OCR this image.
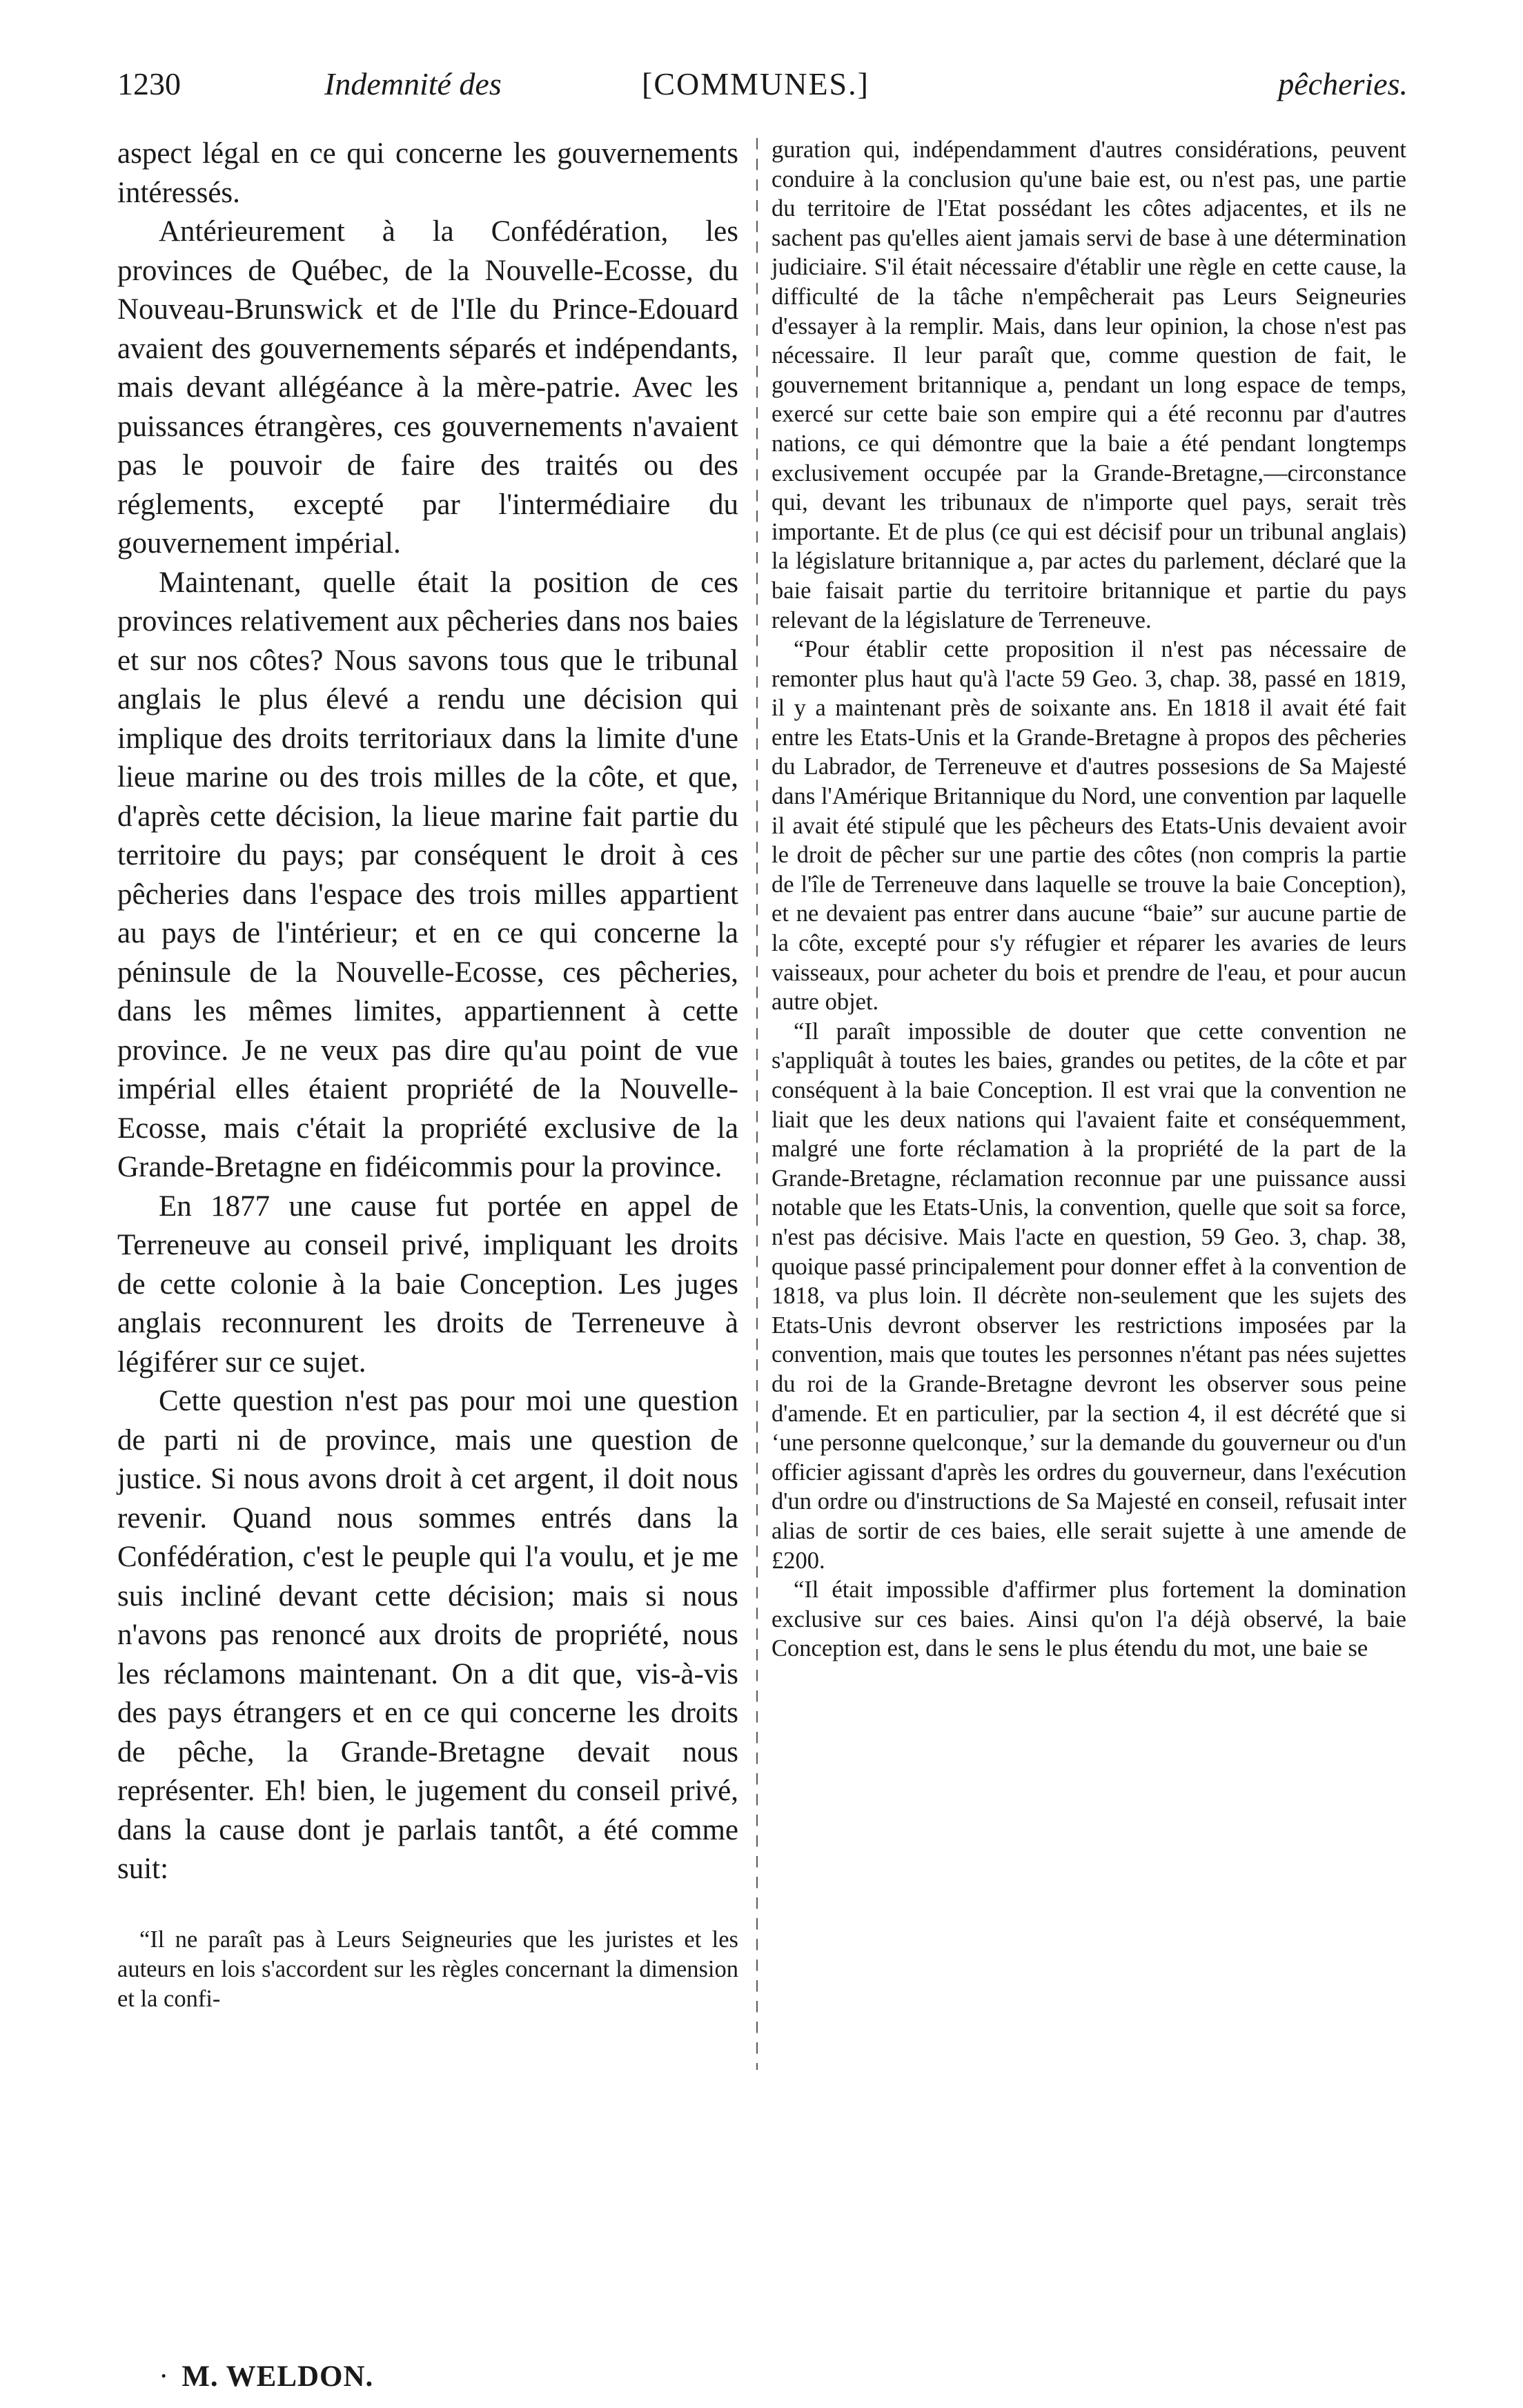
1230	Indemnité des	[COMMUNES.]	pêcheries.

aspect légal en ce qui concerne les gouvernements intéressés.

Antérieurement à la Confédération, les provinces de Québec, de la Nouvelle-Ecosse, du Nouveau-Brunswick et de l'Ile du Prince-Edouard avaient des gouvernements séparés et indépendants, mais devant allégéance à la mère-patrie. Avec les puissances étrangères, ces gouvernements n'avaient pas le pouvoir de faire des traités ou des réglements, excepté par l'intermédiaire du gouvernement impérial.

Maintenant, quelle était la position de ces provinces relativement aux pêcheries dans nos baies et sur nos côtes? Nous savons tous que le tribunal anglais le plus élevé a rendu une décision qui implique des droits territoriaux dans la limite d'une lieue marine ou des trois milles de la côte, et que, d'après cette décision, la lieue marine fait partie du territoire du pays; par conséquent le droit à ces pêcheries dans l'espace des trois milles appartient au pays de l'intérieur; et en ce qui concerne la péninsule de la Nouvelle-Ecosse, ces pêcheries, dans les mêmes limites, appartiennent à cette province. Je ne veux pas dire qu'au point de vue impérial elles étaient propriété de la Nouvelle-Ecosse, mais c'était la propriété exclusive de la Grande-Bretagne en fidéicommis pour la province.

En 1877 une cause fut portée en appel de Terreneuve au conseil privé, impliquant les droits de cette colonie à la baie Conception. Les juges anglais reconnurent les droits de Terreneuve à légiférer sur ce sujet.

Cette question n'est pas pour moi une question de parti ni de province, mais une question de justice. Si nous avons droit à cet argent, il doit nous revenir. Quand nous sommes entrés dans la Confédération, c'est le peuple qui l'a voulu, et je me suis incliné devant cette décision; mais si nous n'avons pas renoncé aux droits de propriété, nous les réclamons maintenant. On a dit que, vis-à-vis des pays étrangers et en ce qui concerne les droits de pêche, la Grande-Bretagne devait nous représenter. Eh! bien, le jugement du conseil privé, dans la cause dont je parlais tantôt, a été comme suit:

“Il ne paraît pas à Leurs Seigneuries que les juristes et les auteurs en lois s'accordent sur les règles concernant la dimension et la confi-

guration qui, indépendamment d'autres considérations, peuvent conduire à la conclusion qu'une baie est, ou n'est pas, une partie du territoire de l'Etat possédant les côtes adjacentes, et ils ne sachent pas qu'elles aient jamais servi de base à une détermination judiciaire. S'il était nécessaire d'établir une règle en cette cause, la difficulté de la tâche n'empêcherait pas Leurs Seigneuries d'essayer à la remplir. Mais, dans leur opinion, la chose n'est pas nécessaire. Il leur paraît que, comme question de fait, le gouvernement britannique a, pendant un long espace de temps, exercé sur cette baie son empire qui a été reconnu par d'autres nations, ce qui démontre que la baie a été pendant longtemps exclusivement occupée par la Grande-Bretagne,—circonstance qui, devant les tribunaux de n'importe quel pays, serait très importante. Et de plus (ce qui est décisif pour un tribunal anglais) la législature britannique a, par actes du parlement, déclaré que la baie faisait partie du territoire britannique et partie du pays relevant de la législature de Terreneuve.

“Pour établir cette proposition il n'est pas nécessaire de remonter plus haut qu'à l'acte 59 Geo. 3, chap. 38, passé en 1819, il y a maintenant près de soixante ans. En 1818 il avait été fait entre les Etats-Unis et la Grande-Bretagne à propos des pêcheries du Labrador, de Terreneuve et d'autres possesions de Sa Majesté dans l'Amérique Britannique du Nord, une convention par laquelle il avait été stipulé que les pêcheurs des Etats-Unis devaient avoir le droit de pêcher sur une partie des côtes (non compris la partie de l'île de Terreneuve dans laquelle se trouve la baie Conception), et ne devaient pas entrer dans aucune “baie” sur aucune partie de la côte, excepté pour s'y réfugier et réparer les avaries de leurs vaisseaux, pour acheter du bois et prendre de l'eau, et pour aucun autre objet.

“Il paraît impossible de douter que cette convention ne s'appliquât à toutes les baies, grandes ou petites, de la côte et par conséquent à la baie Conception. Il est vrai que la convention ne liait que les deux nations qui l'avaient faite et conséquemment, malgré une forte réclamation à la propriété de la part de la Grande-Bretagne, réclamation reconnue par une puissance aussi notable que les Etats-Unis, la convention, quelle que soit sa force, n'est pas décisive. Mais l'acte en question, 59 Geo. 3, chap. 38, quoique passé principalement pour donner effet à la convention de 1818, va plus loin. Il décrète non-seulement que les sujets des Etats-Unis devront observer les restrictions imposées par la convention, mais que toutes les personnes n'étant pas nées sujettes du roi de la Grande-Bretagne devront les observer sous peine d'amende. Et en particulier, par la section 4, il est décrété que si ‘une personne quelconque,’ sur la demande du gouverneur ou d'un officier agissant d'après les ordres du gouverneur, dans l'exécution d'un ordre ou d'instructions de Sa Majesté en conseil, refusait inter alias de sortir de ces baies, elle serait sujette à une amende de £200.

“Il était impossible d'affirmer plus fortement la domination exclusive sur ces baies. Ainsi qu'on l'a déjà observé, la baie Conception est, dans le sens le plus étendu du mot, une baie se

· M. WELDON.
